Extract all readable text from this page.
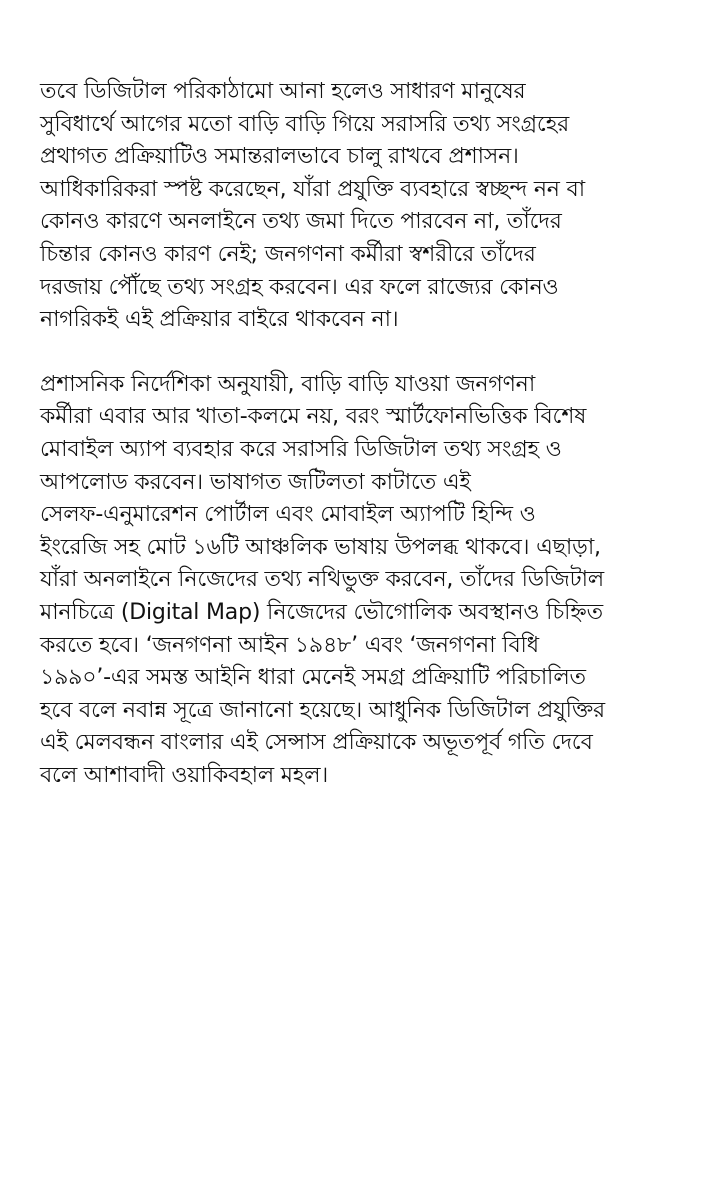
তবে ডিজিটাল পরিকাঠামো আনা হলেও সাধারণ মানুষের
সুবিধার্থে আগের মতো বাড়ি বাড়ি গিয়ে সরাসরি তথ্য সংগ্রহের
প্রথাগত প্রক্রিয়াটিও সমান্তরালভাবে চালু রাখবে প্রশাসন।
আধিকারিকরা স্পষ্ট করেছেন, যাঁরা প্রযুক্তি ব্যবহারে স্বচ্ছন্দ নন বা
কোনও কারণে অনলাইনে তথ্য জমা দিতে পারবেন না, তাঁদের
চিন্তার কোনও কারণ নেই; জনগণনা কর্মীরা স্বশরীরে তাঁদের
দরজায় পৌঁছে তথ্য সংগ্রহ করবেন। এর ফলে রাজ্যের কোনও
নাগরিকই এই প্রক্রিয়ার বাইরে থাকবেন না।

প্রশাসনিক নির্দেশিকা অনুযায়ী, বাড়ি বাড়ি যাওয়া জনগণনা
কর্মীরা এবার আর খাতা-কলমে নয়, বরং স্মার্টফোনভিত্তিক বিশেষ
মোবাইল অ্যাপ ব্যবহার করে সরাসরি ডিজিটাল তথ্য সংগ্রহ ও
আপলোড করবেন। ভাষাগত জটিলতা কাটাতে এই
সেলফ-এনুমারেশন পোর্টাল এবং মোবাইল অ্যাপটি হিন্দি ও
ইংরেজি সহ মোট ১৬টি আঞ্চলিক ভাষায় উপলব্ধ থাকবে। এছাড়া,
যাঁরা অনলাইনে নিজেদের তথ্য নথিভুক্ত করবেন, তাঁদের ডিজিটাল
মানচিত্রে (Digital Map) নিজেদের ভৌগোলিক অবস্থানও চিহ্নিত
করতে হবে। ‘জনগণনা আইন ১৯৪৮’ এবং ‘জনগণনা বিধি
১৯৯০’-এর সমস্ত আইনি ধারা মেনেই সমগ্র প্রক্রিয়াটি পরিচালিত
হবে বলে নবান্ন সূত্রে জানানো হয়েছে। আধুনিক ডিজিটাল প্রযুক্তির
এই মেলবন্ধন বাংলার এই সেন্সাস প্রক্রিয়াকে অভূতপূর্ব গতি দেবে
বলে আশাবাদী ওয়াকিবহাল মহল।
